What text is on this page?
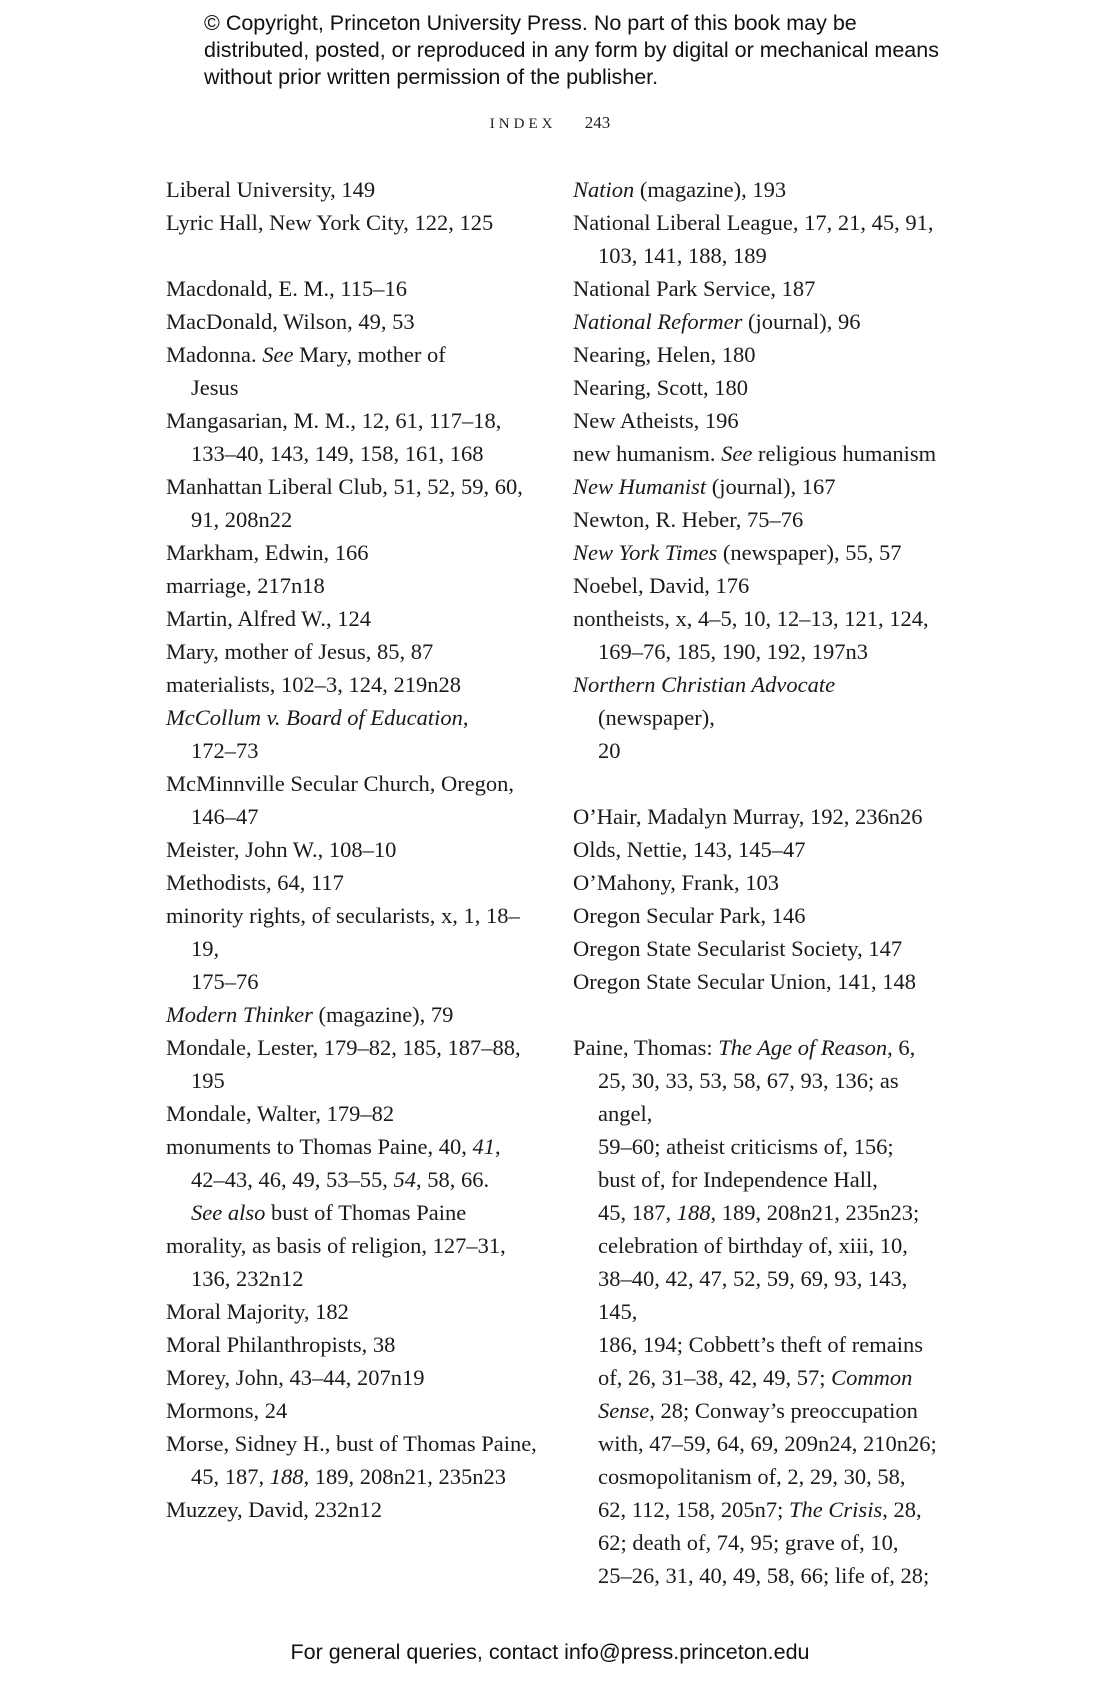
© Copyright, Princeton University Press. No part of this book may be distributed, posted, or reproduced in any form by digital or mechanical means without prior written permission of the publisher.
INDEX 243
Liberal University, 149
Lyric Hall, New York City, 122, 125
Macdonald, E. M., 115–16
MacDonald, Wilson, 49, 53
Madonna. See Mary, mother of
Jesus
Mangasarian, M. M., 12, 61, 117–18,
133–40, 143, 149, 158, 161, 168
Manhattan Liberal Club, 51, 52, 59, 60,
91, 208n22
Markham, Edwin, 166
marriage, 217n18
Martin, Alfred W., 124
Mary, mother of Jesus, 85, 87
materialists, 102–3, 124, 219n28
McCollum v. Board of Education,
172–73
McMinnville Secular Church, Oregon,
146–47
Meister, John W., 108–10
Methodists, 64, 117
minority rights, of secularists, x, 1, 18–19,
175–76
Modern Thinker (magazine), 79
Mondale, Lester, 179–82, 185, 187–88,
195
Mondale, Walter, 179–82
monuments to Thomas Paine, 40, 41,
42–43, 46, 49, 53–55, 54, 58, 66.
See also bust of Thomas Paine
morality, as basis of religion, 127–31,
136, 232n12
Moral Majority, 182
Moral Philanthropists, 38
Morey, John, 43–44, 207n19
Mormons, 24
Morse, Sidney H., bust of Thomas Paine,
45, 187, 188, 189, 208n21, 235n23
Muzzey, David, 232n12
Nation (magazine), 193
National Liberal League, 17, 21, 45, 91,
103, 141, 188, 189
National Park Service, 187
National Reformer (journal), 96
Nearing, Helen, 180
Nearing, Scott, 180
New Atheists, 196
new humanism. See religious humanism
New Humanist (journal), 167
Newton, R. Heber, 75–76
New York Times (newspaper), 55, 57
Noebel, David, 176
nontheists, x, 4–5, 10, 12–13, 121, 124,
169–76, 185, 190, 192, 197n3
Northern Christian Advocate (newspaper),
20
O’Hair, Madalyn Murray, 192, 236n26
Olds, Nettie, 143, 145–47
O’Mahony, Frank, 103
Oregon Secular Park, 146
Oregon State Secularist Society, 147
Oregon State Secular Union, 141, 148
Paine, Thomas: The Age of Reason, 6,
25, 30, 33, 53, 58, 67, 93, 136; as angel,
59–60; atheist criticisms of, 156;
bust of, for Independence Hall,
45, 187, 188, 189, 208n21, 235n23;
celebration of birthday of, xiii, 10,
38–40, 42, 47, 52, 59, 69, 93, 143, 145,
186, 194; Cobbett’s theft of remains
of, 26, 31–38, 42, 49, 57; Common
Sense, 28; Conway’s preoccupation
with, 47–59, 64, 69, 209n24, 210n26;
cosmopolitanism of, 2, 29, 30, 58,
62, 112, 158, 205n7; The Crisis, 28,
62; death of, 74, 95; grave of, 10,
25–26, 31, 40, 49, 58, 66; life of, 28;
For general queries, contact info@press.princeton.edu
